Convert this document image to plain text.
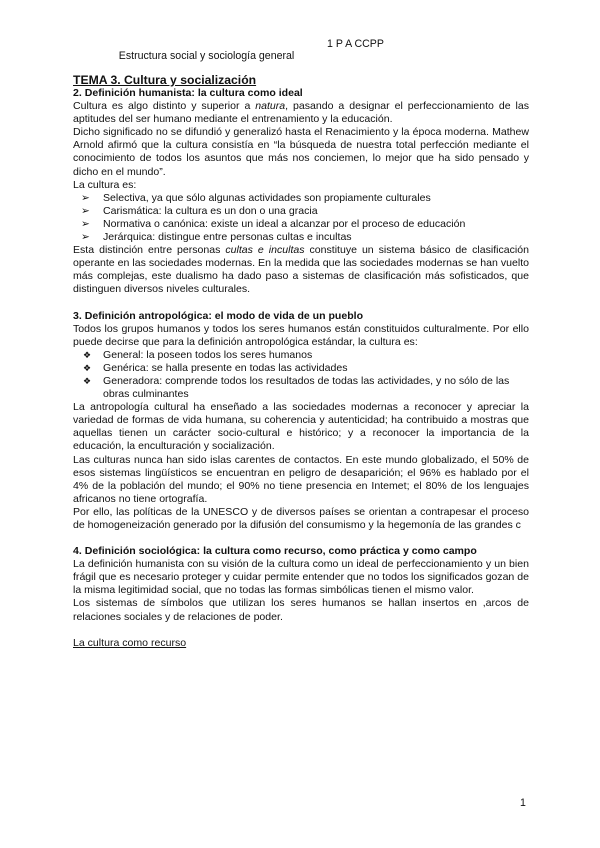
Estructura social y sociología general

1 P A CCPP

TEMA 3. Cultura y socialización

2. Definición humanista: la cultura como ideal

Cultura es algo distinto y superior a natura, pasando a designar el perfeccionamiento de las aptitudes del ser humano mediante el entrenamiento y la educación.

Dicho significado no se difundió y generalizó hasta el Renacimiento y la época moderna. Mathew Arnold afirmó que la cultura consistía en “la búsqueda de nuestra total perfección mediante el conocimiento de todos los asuntos que más nos conciemen, lo mejor que ha sido pensado y dicho en el mundo”.

La cultura es:

➢ Selectiva, ya que sólo algunas actividades son propiamente culturales
➢ Carismática: la cultura es un don o una gracia
➢ Normativa o canónica: existe un ideal a alcanzar por el proceso de educación
➢ Jerárquica: distingue entre personas cultas e incultas

Esta distinción entre personas cultas e incultas constituye un sistema básico de clasificación operante en las sociedades modernas. En la medida que las sociedades modernas se han vuelto más complejas, este dualismo ha dado paso a sistemas de clasificación más sofisticados, que distinguen diversos niveles culturales.

3. Definición antropológica: el modo de vida de un pueblo

Todos los grupos humanos y todos los seres humanos están constituidos culturalmente. Por ello puede decirse que para la definición antropológica estándar, la cultura es:

❖ General: la poseen todos los seres humanos
❖ Genérica: se halla presente en todas las actividades
❖ Generadora: comprende todos los resultados de todas las actividades, y no sólo de las obras culminantes

La antropología cultural ha enseñado a las sociedades modernas a reconocer y apreciar la variedad de formas de vida humana, su coherencia y autenticidad; ha contribuido a mostras que aquellas tienen un carácter socio-cultural e histórico; y a reconocer la importancia de la educación, la enculturación y socialización.

Las culturas nunca han sido islas carentes de contactos. En este mundo globalizado, el 50% de esos sistemas lingüísticos se encuentran en peligro de desaparición; el 96% es hablado por el 4% de la población del mundo; el 90% no tiene presencia en Intemet; el 80% de los lenguajes africanos no tiene ortografía.

Por ello, las políticas de la UNESCO y de diversos países se orientan a contrapesar el proceso de homogeneización generado por la difusión del consumismo y la hegemonía de las grandes c

4. Definición sociológica: la cultura como recurso, como práctica y como campo

La definición humanista con su visión de la cultura como un ideal de perfeccionamiento y un bien frágil que es necesario proteger y cuidar permite entender que no todos los significados gozan de la misma legitimidad social, que no todas las formas simbólicas tienen el mismo valor.

Los sistemas de símbolos que utilizan los seres humanos se hallan insertos en ,arcos de relaciones sociales y de relaciones de poder.

La cultura como recurso

1
